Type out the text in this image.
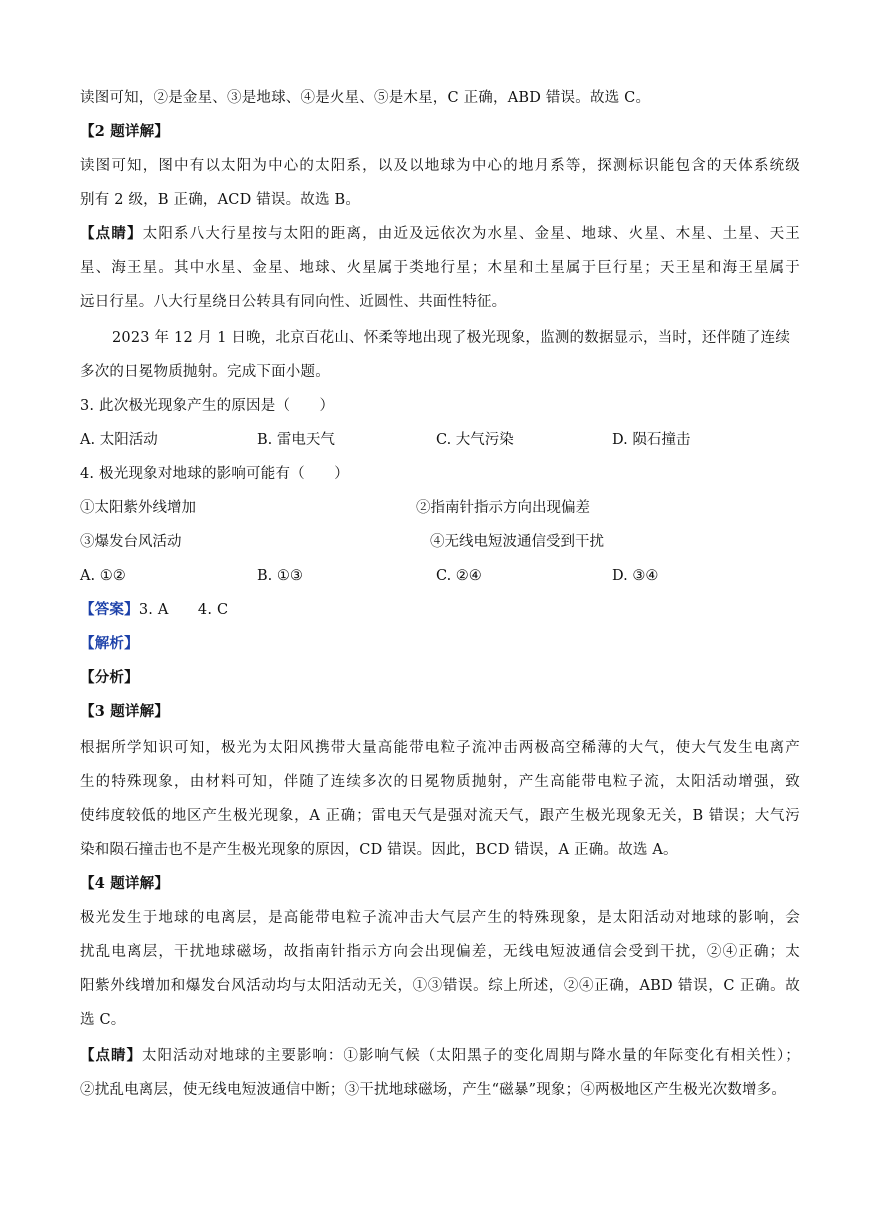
读图可知，②是金星、③是地球、④是火星、⑤是木星，C 正确，ABD 错误。故选 C。
【2 题详解】
读图可知，图中有以太阳为中心的太阳系，以及以地球为中心的地月系等，探测标识能包含的天体系统级
别有 2 级，B 正确，ACD 错误。故选 B。
【点睛】太阳系八大行星按与太阳的距离，由近及远依次为水星、金星、地球、火星、木星、土星、天王
星、海王星。其中水星、金星、地球、火星属于类地行星；木星和土星属于巨行星；天王星和海王星属于
远日行星。八大行星绕日公转具有同向性、近圆性、共面性特征。
2023 年 12 月 1 日晚，北京百花山、怀柔等地出现了极光现象，监测的数据显示，当时，还伴随了连续
多次的日冕物质抛射。完成下面小题。
3. 此次极光现象产生的原因是（　　）
A. 太阳活动	B. 雷电天气	C. 大气污染	D. 陨石撞击
4. 极光现象对地球的影响可能有（　　）
①太阳紫外线增加	②指南针指示方向出现偏差
③爆发台风活动	④无线电短波通信受到干扰
A. ①②	B. ①③	C. ②④	D. ③④
【答案】3. A　　4. C
【解析】
【分析】
【3 题详解】
根据所学知识可知，极光为太阳风携带大量高能带电粒子流冲击两极高空稀薄的大气，使大气发生电离产
生的特殊现象，由材料可知，伴随了连续多次的日冕物质抛射，产生高能带电粒子流，太阳活动增强，致
使纬度较低的地区产生极光现象，A 正确；雷电天气是强对流天气，跟产生极光现象无关，B 错误；大气污
染和陨石撞击也不是产生极光现象的原因，CD 错误。因此，BCD 错误，A 正确。故选 A。
【4 题详解】
极光发生于地球的电离层，是高能带电粒子流冲击大气层产生的特殊现象，是太阳活动对地球的影响，会
扰乱电离层，干扰地球磁场，故指南针指示方向会出现偏差，无线电短波通信会受到干扰，②④正确；太
阳紫外线增加和爆发台风活动均与太阳活动无关，①③错误。综上所述，②④正确，ABD 错误，C 正确。故
选 C。
【点睛】太阳活动对地球的主要影响：①影响气候（太阳黑子的变化周期与降水量的年际变化有相关性）；
②扰乱电离层，使无线电短波通信中断；③干扰地球磁场，产生“磁暴”现象；④两极地区产生极光次数增多。
